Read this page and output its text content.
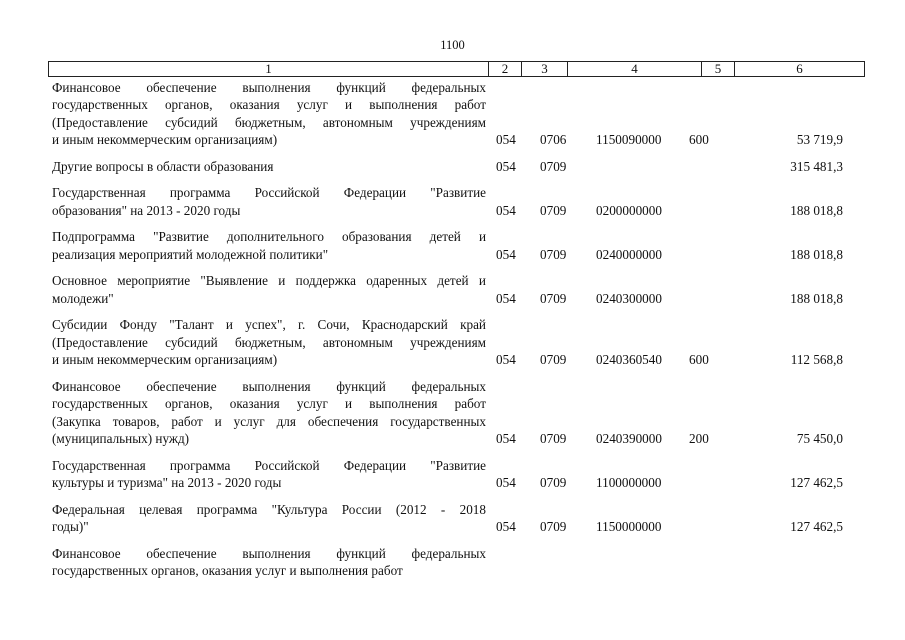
1100
1	2	3	4	5	6
Финансовое обеспечение выполнения функций федеральных
государственных органов, оказания услуг и выполнения работ
(Предоставление субсидий бюджетным, автономным учреждениям
и иным некоммерческим организациям)	054 0706 1150090000 600	53 719,9
Другие вопросы в области образования	054 0709	315 481,3
Государственная программа Российской Федерации "Развитие
образования" на 2013 - 2020 годы	054 0709 0200000000	188 018,8
Подпрограмма "Развитие дополнительного образования детей и
реализация мероприятий молодежной политики"	054 0709 0240000000	188 018,8
Основное мероприятие "Выявление и поддержка одаренных детей и
молодежи"	054 0709 0240300000	188 018,8
Субсидии Фонду "Талант и успех", г. Сочи, Краснодарский край
(Предоставление субсидий бюджетным, автономным учреждениям
и иным некоммерческим организациям)	054 0709 0240360540 600	112 568,8
Финансовое обеспечение выполнения функций федеральных
государственных органов, оказания услуг и выполнения работ
(Закупка товаров, работ и услуг для обеспечения государственных
(муниципальных) нужд)	054 0709 0240390000 200	75 450,0
Государственная программа Российской Федерации "Развитие
культуры и туризма" на 2013 - 2020 годы	054 0709 1100000000	127 462,5
Федеральная целевая программа "Культура России (2012 - 2018
годы)"	054 0709 1150000000	127 462,5
Финансовое обеспечение выполнения функций федеральных
государственных органов, оказания услуг и выполнения работ
